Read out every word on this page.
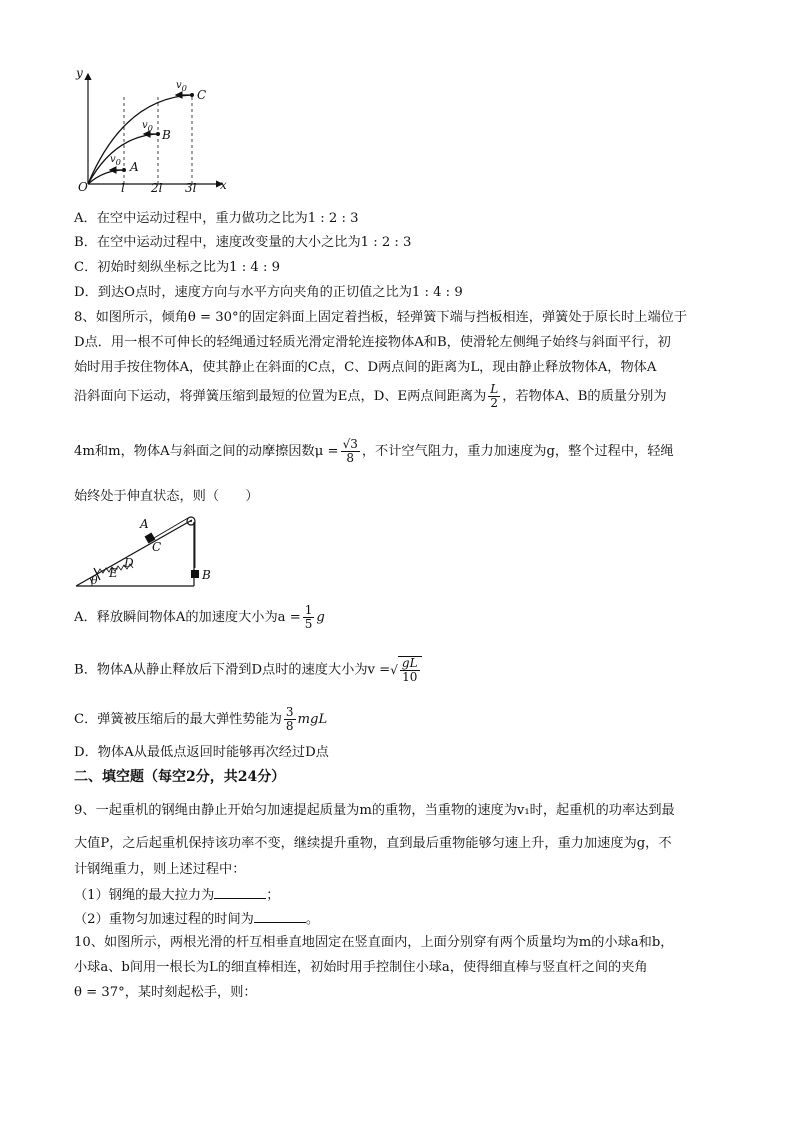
y
x
O	l 2l 3l
A
B
C
$v_0$
$v_0$
$v_0$
A．在空中运动过程中，重力做功之比为1 : 2 : 3
B．在空中运动过程中，速度改变量的大小之比为1 : 2 : 3
C．初始时刻纵坐标之比为1 : 4 : 9
D．到达O点时，速度方向与水平方向夹角的正切值之比为1 : 4 : 9
8、如图所示，倾角θ = 30°的固定斜面上固定着挡板，轻弹簧下端与挡板相连，弹簧处于原长时上端位于
D点．用一根不可伸长的轻绳通过轻质光滑定滑轮连接物体A和B，使滑轮左侧绳子始终与斜面平行，初
始时用手按住物体A，使其静止在斜面的C点，C、D两点间的距离为L，现由静止释放物体A，物体A
沿斜面向下运动，将弹簧压缩到最短的位置为E点，D、E两点间距离为 $\frac{L}{2}$ ，若物体A、B的质量分别为
4m和m，物体A与斜面之间的动摩擦因数$\mu = \frac{√3}{8}$ ，不计空气阻力，重力加速度为g，整个过程中，轻绳
始终处于伸直状态，则（　　）
A
C
D
E
θ	B
A．释放瞬间物体A的加速度大小为$a = \frac{1}{5}$ g
B．物体A从静止释放后下滑到D点时的速度大小为v =√ $\frac{gL}{10}$
C．弹簧被压缩后的最大弹性势能为 $\frac{3}{8}$ mgL
D．物体A从最低点返回时能够再次经过D点
二、填空题（每空2分，共24分）
9、一起重机的钢绳由静止开始匀加速提起质量为m的重物，当重物的速度为v₁时，起重机的功率达到最
大值P，之后起重机保持该功率不变，继续提升重物，直到最后重物能够匀速上升，重力加速度为g，不
计钢绳重力，则上述过程中：
（1）钢绳的最大拉力为	；
（2）重物匀加速过程的时间为	。
10、如图所示，两根光滑的杆互相垂直地固定在竖直面内，上面分别穿有两个质量均为m的小球a和b，
小球a、b间用一根长为L的细直棒相连，初始时用手控制住小球a，使得细直棒与竖直杆之间的夹角
θ = 37°，某时刻起松手，则：
